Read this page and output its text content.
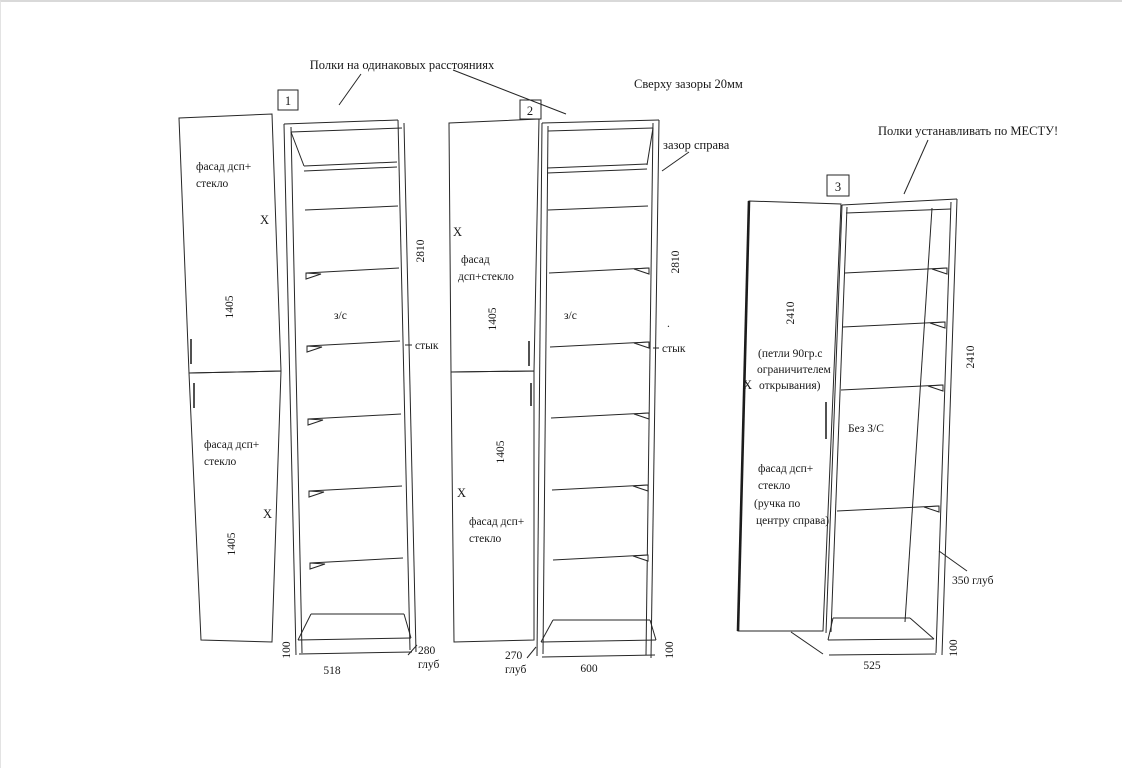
Полки на одинаковых расстояниях
Сверху зазоры 20мм
Полки устанавливать по МЕСТУ!
зазор справа
1
2
3
фасад дсп+
стекло
X
1405
фасад дсп+
стекло
X
1405
з/с
2810
стык
100
518
280
глуб
X
фасад
дсп+стекло
1405
1405
X
фасад дсп+
стекло
з/с
2810
.
стык
270
глуб	600
100
2410
(петли 90гр.с
ограничителем
X открывания)
фасад дсп+
стекло
(ручка по
центру справа)
Без З/С
2410
350 глуб
525
100
